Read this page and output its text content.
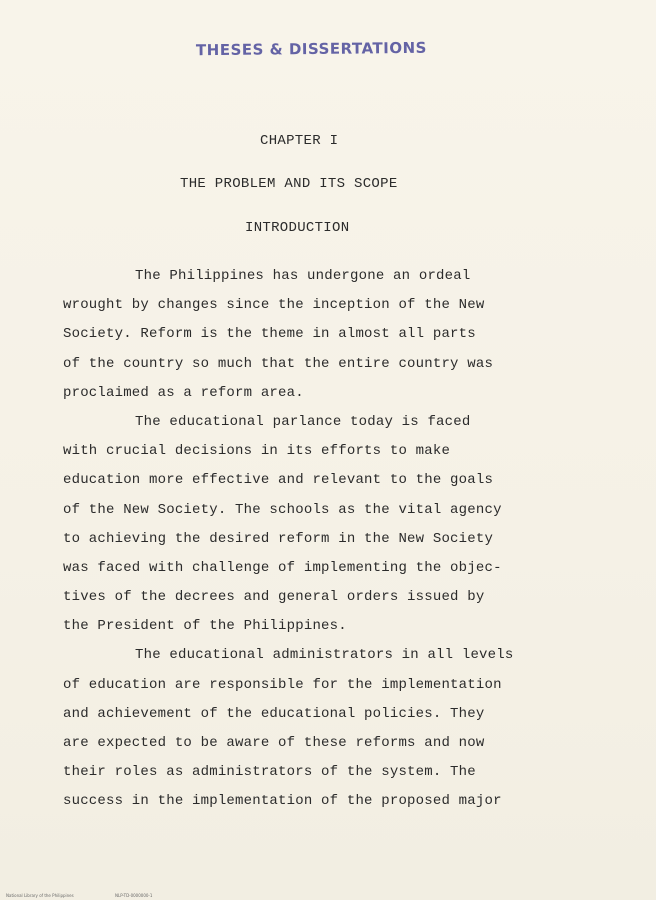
THESES & DISSERTATIONS
CHAPTER I
THE PROBLEM AND ITS SCOPE
INTRODUCTION
The Philippines has undergone an ordeal
wrought by changes since the inception of the New
Society. Reform is the theme in almost all parts
of the country so much that the entire country was
proclaimed as a reform area.
The educational parlance today is faced
with crucial decisions in its efforts to make
education more effective and relevant to the goals
of the New Society. The schools as the vital agency
to achieving the desired reform in the New Society
was faced with challenge of implementing the objec-
tives of the decrees and general orders issued by
the President of the Philippines.
The educational administrators in all levels
of education are responsible for the implementation
and achievement of the educational policies. They
are expected to be aware of these reforms and now
their roles as administrators of the system. The
success in the implementation of the proposed major
National Library of the Philippines	NLP-TD-0000000-1
